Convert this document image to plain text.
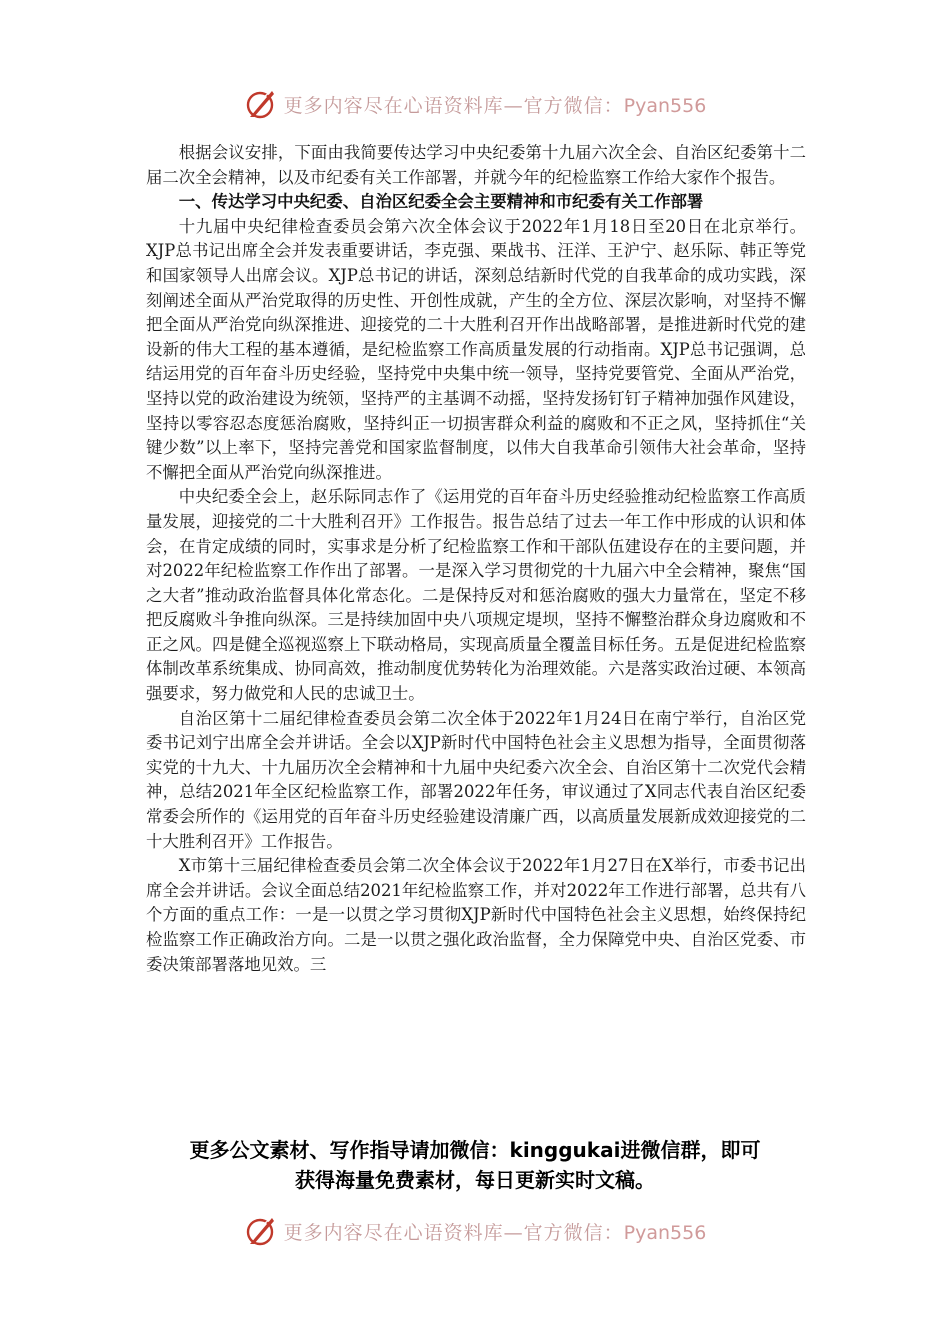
更多内容尽在心语资料库—官方微信：Pyan556

根据会议安排，下面由我简要传达学习中央纪委第十九届六次全会、自治区纪委第十二届二次全会精神，以及市纪委有关工作部署，并就今年的纪检监察工作给大家作个报告。

一、传达学习中央纪委、自治区纪委全会主要精神和市纪委有关工作部署

十九届中央纪律检查委员会第六次全体会议于2022年1月18日至20日在北京举行。XJP总书记出席全会并发表重要讲话，李克强、栗战书、汪洋、王沪宁、赵乐际、韩正等党和国家领导人出席会议。XJP总书记的讲话，深刻总结新时代党的自我革命的成功实践，深刻阐述全面从严治党取得的历史性、开创性成就，产生的全方位、深层次影响，对坚持不懈把全面从严治党向纵深推进、迎接党的二十大胜利召开作出战略部署，是推进新时代党的建设新的伟大工程的基本遵循，是纪检监察工作高质量发展的行动指南。XJP总书记强调，总结运用党的百年奋斗历史经验，坚持党中央集中统一领导，坚持党要管党、全面从严治党，坚持以党的政治建设为统领，坚持严的主基调不动摇，坚持发扬钉钉子精神加强作风建设，坚持以零容忍态度惩治腐败，坚持纠正一切损害群众利益的腐败和不正之风，坚持抓住“关键少数”以上率下，坚持完善党和国家监督制度，以伟大自我革命引领伟大社会革命，坚持不懈把全面从严治党向纵深推进。

中央纪委全会上，赵乐际同志作了《运用党的百年奋斗历史经验推动纪检监察工作高质量发展，迎接党的二十大胜利召开》工作报告。报告总结了过去一年工作中形成的认识和体会，在肯定成绩的同时，实事求是分析了纪检监察工作和干部队伍建设存在的主要问题，并对2022年纪检监察工作作出了部署。一是深入学习贯彻党的十九届六中全会精神，聚焦“国之大者”推动政治监督具体化常态化。二是保持反对和惩治腐败的强大力量常在，坚定不移把反腐败斗争推向纵深。三是持续加固中央八项规定堤坝，坚持不懈整治群众身边腐败和不正之风。四是健全巡视巡察上下联动格局，实现高质量全覆盖目标任务。五是促进纪检监察体制改革系统集成、协同高效，推动制度优势转化为治理效能。六是落实政治过硬、本领高强要求，努力做党和人民的忠诚卫士。

自治区第十二届纪律检查委员会第二次全体于2022年1月24日在南宁举行，自治区党委书记刘宁出席全会并讲话。全会以XJP新时代中国特色社会主义思想为指导，全面贯彻落实党的十九大、十九届历次全会精神和十九届中央纪委六次全会、自治区第十二次党代会精神，总结2021年全区纪检监察工作，部署2022年任务，审议通过了X同志代表自治区纪委常委会所作的《运用党的百年奋斗历史经验建设清廉广西，以高质量发展新成效迎接党的二十大胜利召开》工作报告。

X市第十三届纪律检查委员会第二次全体会议于2022年1月27日在X举行，市委书记出席全会并讲话。会议全面总结2021年纪检监察工作，并对2022年工作进行部署，总共有八个方面的重点工作：一是一以贯之学习贯彻XJP新时代中国特色社会主义思想，始终保持纪检监察工作正确政治方向。二是一以贯之强化政治监督，全力保障党中央、自治区党委、市委决策部署落地见效。三

更多公文素材、写作指导请加微信：kinggukai进微信群，即可
获得海量免费素材，每日更新实时文稿。
更多内容尽在心语资料库—官方微信：Pyan556
